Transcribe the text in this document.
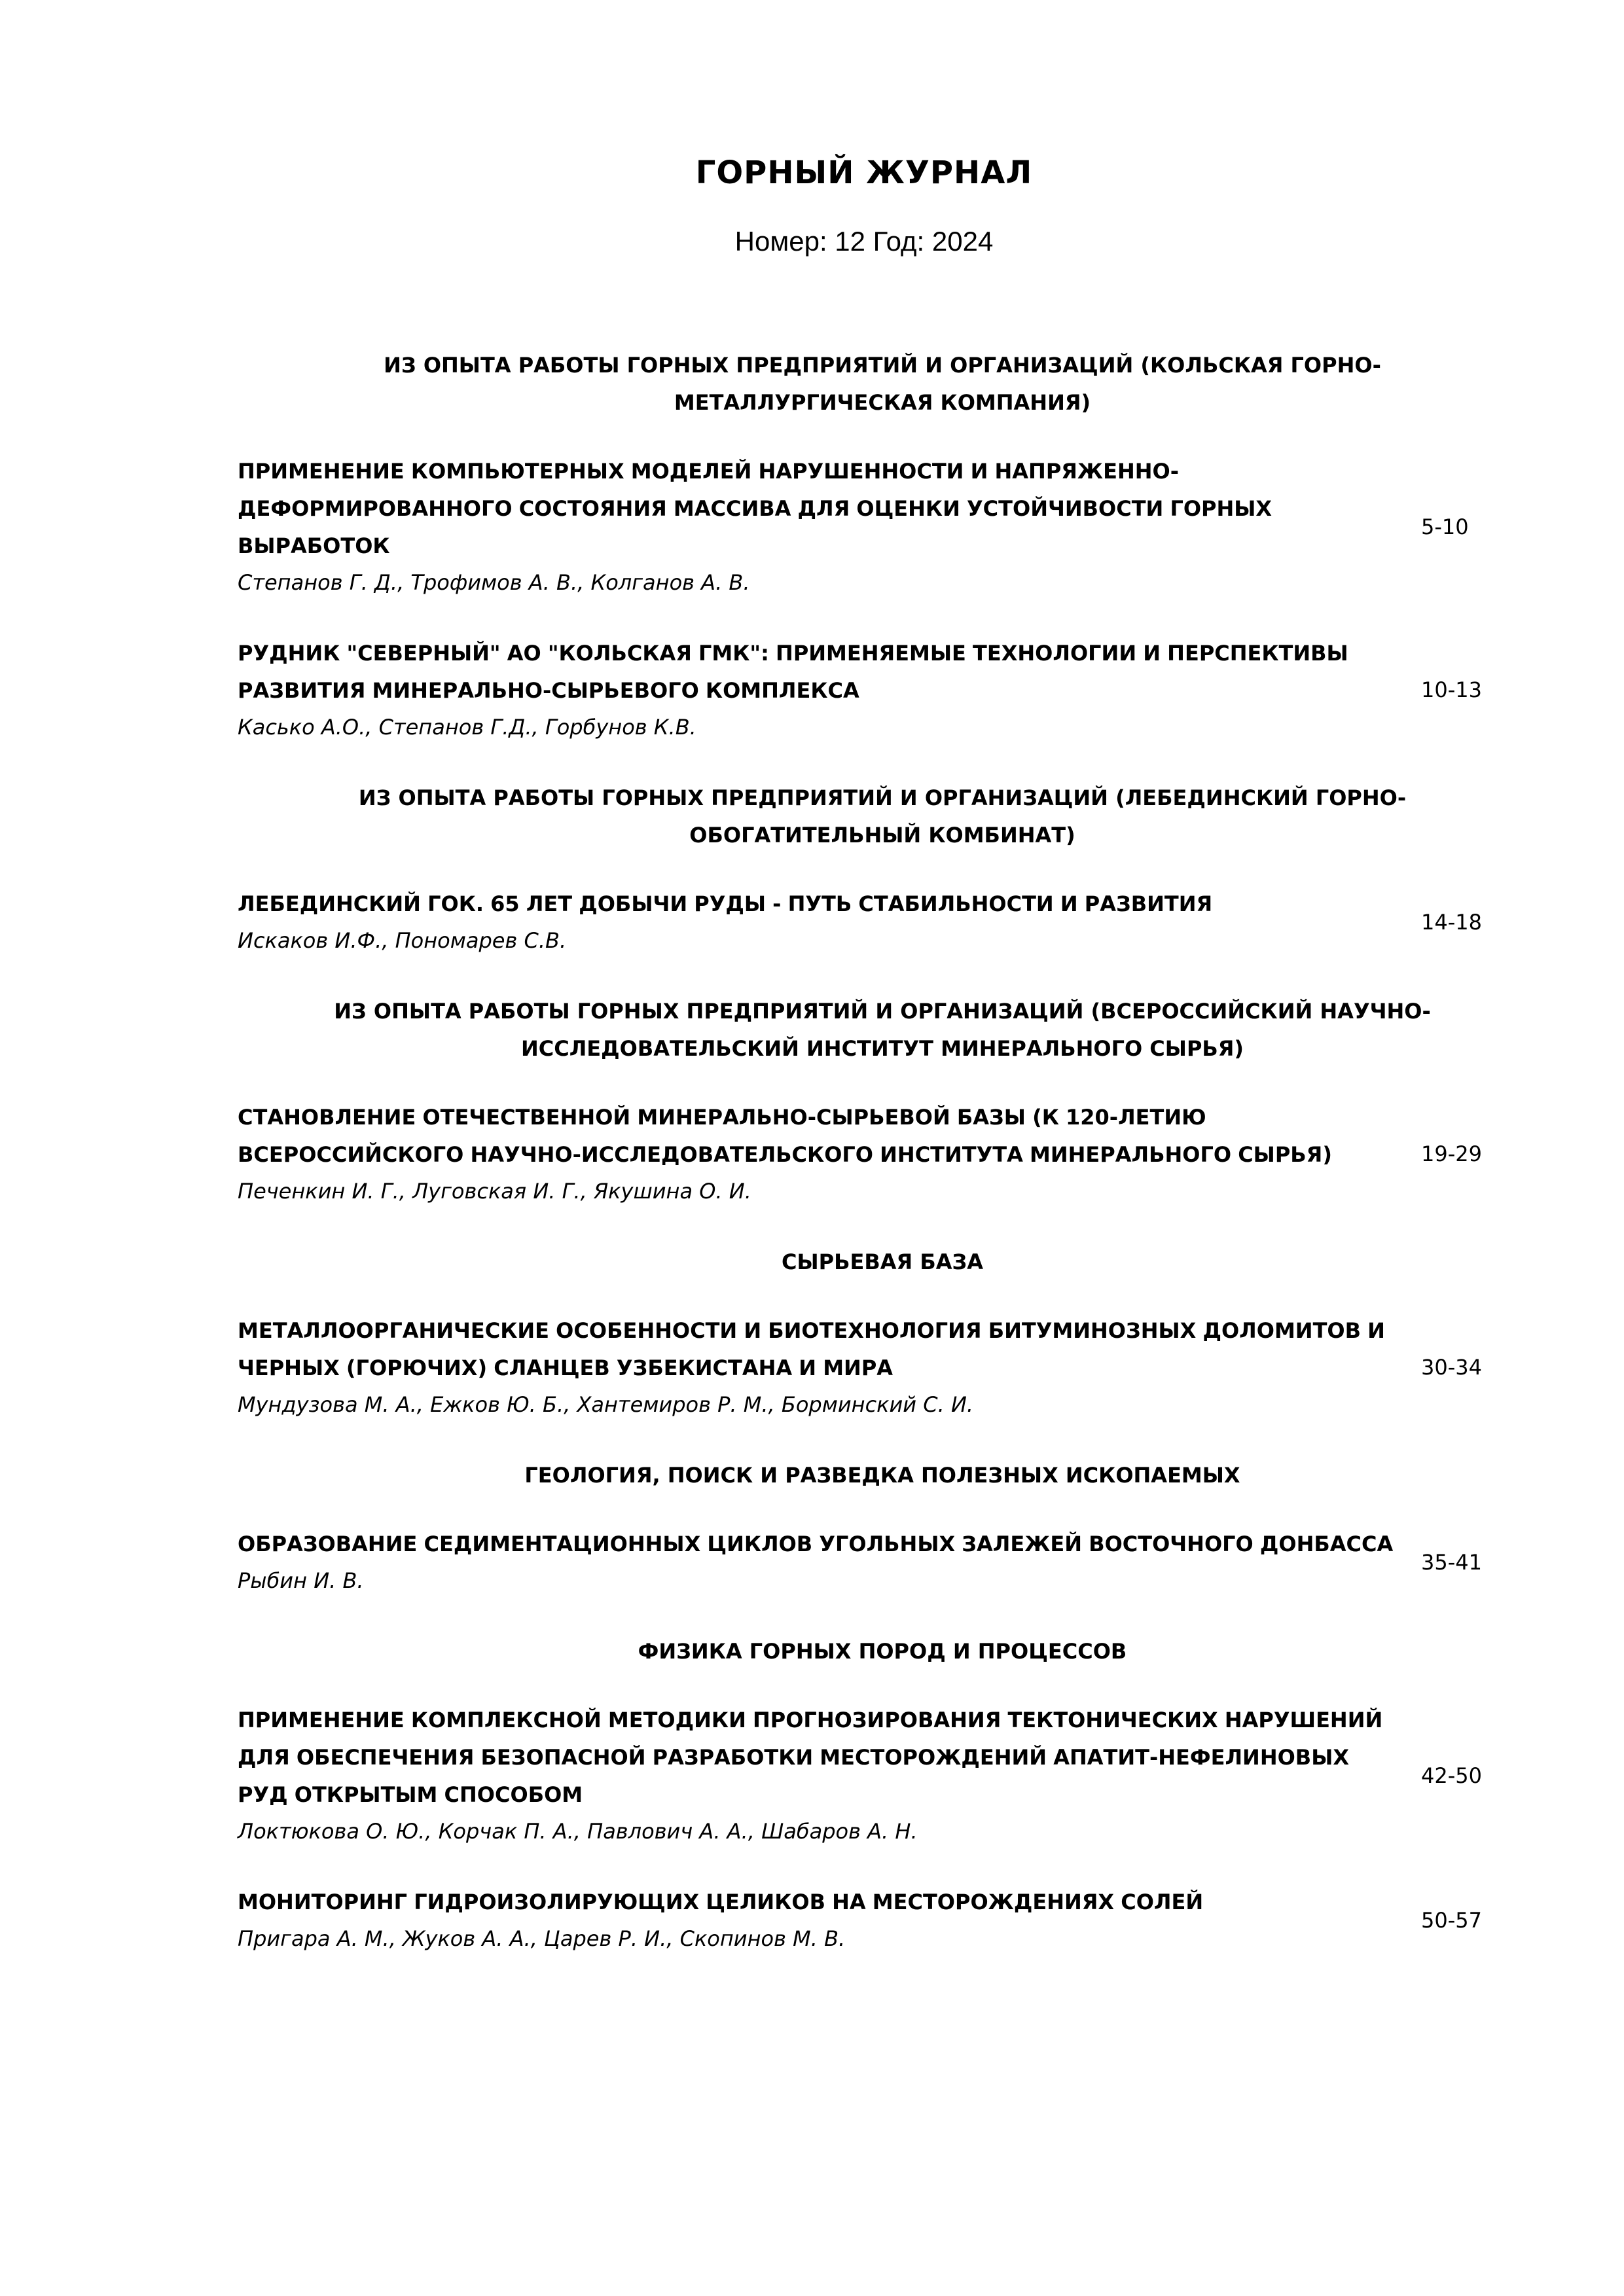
ГОРНЫЙ ЖУРНАЛ
Номер: 12 Год: 2024
ИЗ ОПЫТА РАБОТЫ ГОРНЫХ ПРЕДПРИЯТИЙ И ОРГАНИЗАЦИЙ (КОЛЬСКАЯ ГОРНО-МЕТАЛЛУРГИЧЕСКАЯ КОМПАНИЯ)
ПРИМЕНЕНИЕ КОМПЬЮТЕРНЫХ МОДЕЛЕЙ НАРУШЕННОСТИ И НАПРЯЖЕННО-ДЕФОРМИРОВАННОГО СОСТОЯНИЯ МАССИВА ДЛЯ ОЦЕНКИ УСТОЙЧИВОСТИ ГОРНЫХ ВЫРАБОТОК
Степанов Г. Д., Трофимов А. В., Колганов А. В.
5-10
РУДНИК "СЕВЕРНЫЙ" АО "КОЛЬСКАЯ ГМК": ПРИМЕНЯЕМЫЕ ТЕХНОЛОГИИ И ПЕРСПЕКТИВЫ РАЗВИТИЯ МИНЕРАЛЬНО-СЫРЬЕВОГО КОМПЛЕКСА
Касько А.О., Степанов Г.Д., Горбунов К.В.
10-13
ИЗ ОПЫТА РАБОТЫ ГОРНЫХ ПРЕДПРИЯТИЙ И ОРГАНИЗАЦИЙ (ЛЕБЕДИНСКИЙ ГОРНО-ОБОГАТИТЕЛЬНЫЙ КОМБИНАТ)
ЛЕБЕДИНСКИЙ ГОК. 65 ЛЕТ ДОБЫЧИ РУДЫ - ПУТЬ СТАБИЛЬНОСТИ И РАЗВИТИЯ
Искаков И.Ф., Пономарев С.В.
14-18
ИЗ ОПЫТА РАБОТЫ ГОРНЫХ ПРЕДПРИЯТИЙ И ОРГАНИЗАЦИЙ (ВСЕРОССИЙСКИЙ НАУЧНО-ИССЛЕДОВАТЕЛЬСКИЙ ИНСТИТУТ МИНЕРАЛЬНОГО СЫРЬЯ)
СТАНОВЛЕНИЕ ОТЕЧЕСТВЕННОЙ МИНЕРАЛЬНО-СЫРЬЕВОЙ БАЗЫ (К 120-ЛЕТИЮ ВСЕРОССИЙСКОГО НАУЧНО-ИССЛЕДОВАТЕЛЬСКОГО ИНСТИТУТА МИНЕРАЛЬНОГО СЫРЬЯ)
Печенкин И. Г., Луговская И. Г., Якушина О. И.
19-29
СЫРЬЕВАЯ БАЗА
МЕТАЛЛООРГАНИЧЕСКИЕ ОСОБЕННОСТИ И БИОТЕХНОЛОГИЯ БИТУМИНОЗНЫХ ДОЛОМИТОВ И ЧЕРНЫХ (ГОРЮЧИХ) СЛАНЦЕВ УЗБЕКИСТАНА И МИРА
Мундузова М. А., Ежков Ю. Б., Хантемиров Р. М., Борминский С. И.
30-34
ГЕОЛОГИЯ, ПОИСК И РАЗВЕДКА ПОЛЕЗНЫХ ИСКОПАЕМЫХ
ОБРАЗОВАНИЕ СЕДИМЕНТАЦИОННЫХ ЦИКЛОВ УГОЛЬНЫХ ЗАЛЕЖЕЙ ВОСТОЧНОГО ДОНБАССА
Рыбин И. В.
35-41
ФИЗИКА ГОРНЫХ ПОРОД И ПРОЦЕССОВ
ПРИМЕНЕНИЕ КОМПЛЕКСНОЙ МЕТОДИКИ ПРОГНОЗИРОВАНИЯ ТЕКТОНИЧЕСКИХ НАРУШЕНИЙ ДЛЯ ОБЕСПЕЧЕНИЯ БЕЗОПАСНОЙ РАЗРАБОТКИ МЕСТОРОЖДЕНИЙ АПАТИТ-НЕФЕЛИНОВЫХ РУД ОТКРЫТЫМ СПОСОБОМ
Локтюкова О. Ю., Корчак П. А., Павлович А. А., Шабаров А. Н.
42-50
МОНИТОРИНГ ГИДРОИЗОЛИРУЮЩИХ ЦЕЛИКОВ НА МЕСТОРОЖДЕНИЯХ СОЛЕЙ
Пригара А. М., Жуков А. А., Царев Р. И., Скопинов М. В.
50-57
